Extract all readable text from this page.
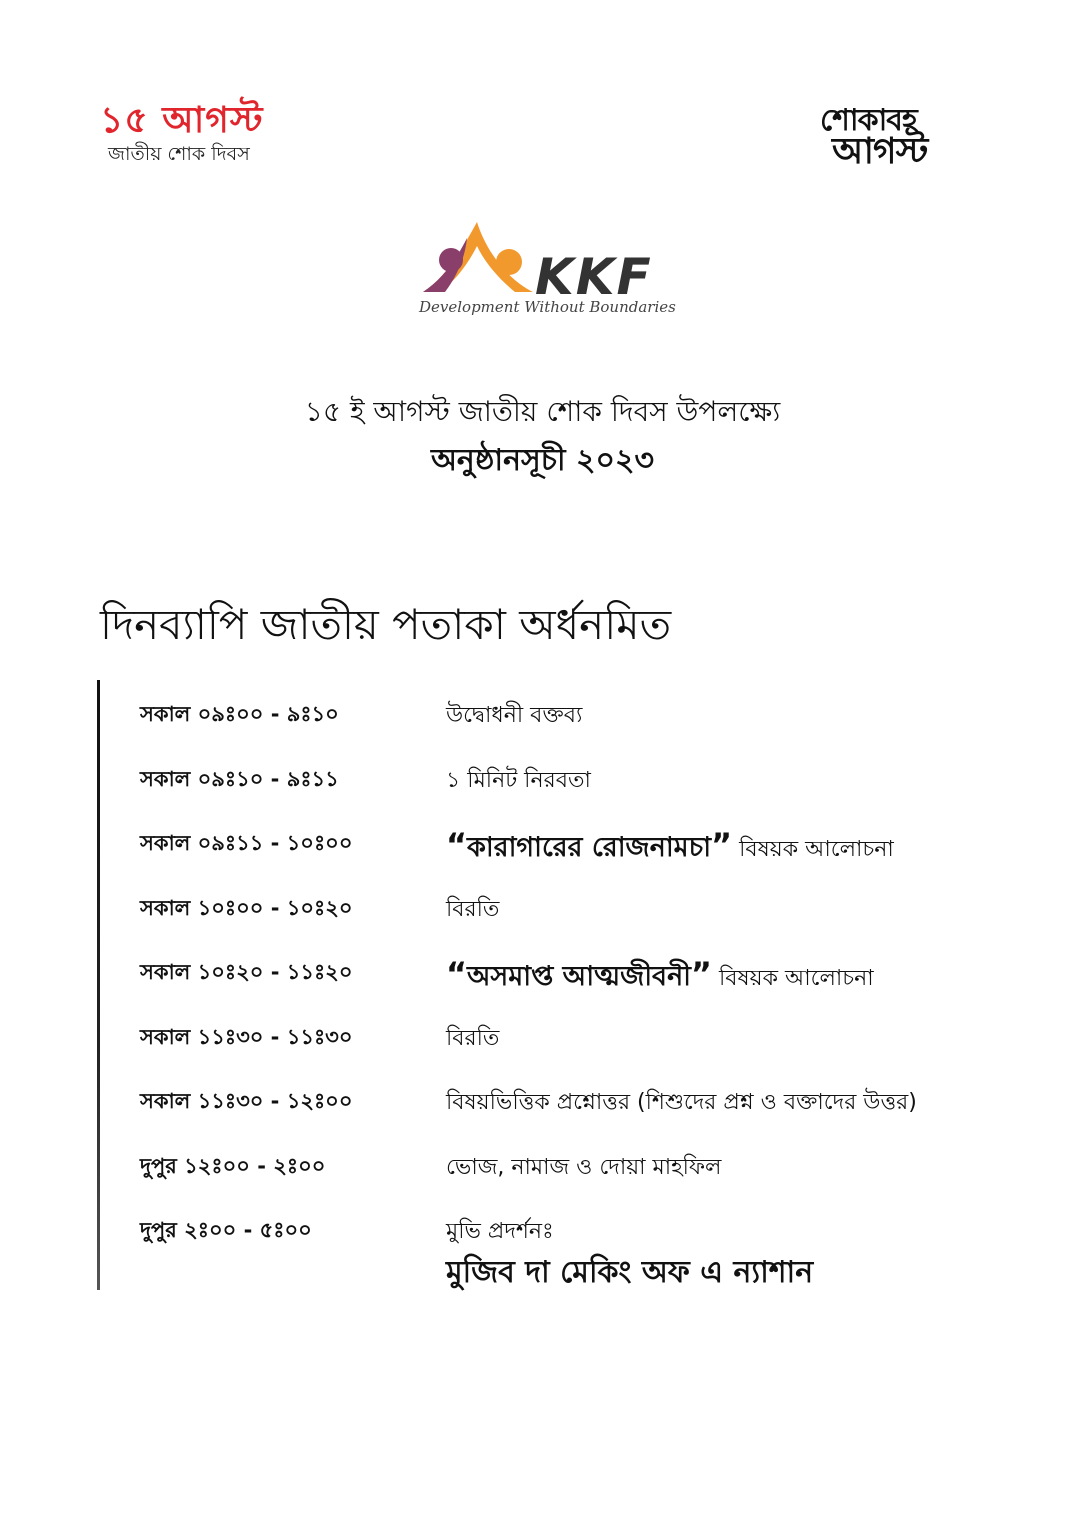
১৫ আগস্ট
জাতীয় শোক দিবস
শোকাবহ
আগস্ট
KKF
Development Without Boundaries
১৫ ই আগস্ট জাতীয় শোক দিবস উপলক্ষ্যে
অনুষ্ঠানসূচী ২০২৩
দিনব্যাপি জাতীয় পতাকা অর্ধনমিত
সকাল ০৯ঃ০০ - ৯ঃ১০	উদ্বোধনী বক্তব্য
সকাল ০৯ঃ১০ - ৯ঃ১১	১ মিনিট নিরবতা
সকাল ০৯ঃ১১ - ১০ঃ০০	“কারাগারের রোজনামচা” বিষয়ক আলোচনা
সকাল ১০ঃ০০ - ১০ঃ২০	বিরতি
সকাল ১০ঃ২০ - ১১ঃ২০	“অসমাপ্ত আত্মজীবনী” বিষয়ক আলোচনা
সকাল ১১ঃ৩০ - ১১ঃ৩০	বিরতি
সকাল ১১ঃ৩০ - ১২ঃ০০	বিষয়ভিত্তিক প্রশ্নোত্তর (শিশুদের প্রশ্ন ও বক্তাদের উত্তর)
দুপুর ১২ঃ০০ - ২ঃ০০	ভোজ, নামাজ ও দোয়া মাহফিল
দুপুর ২ঃ০০ - ৫ঃ০০	মুভি প্রদর্শনঃ
মুজিব দা মেকিং অফ এ ন্যাশান
